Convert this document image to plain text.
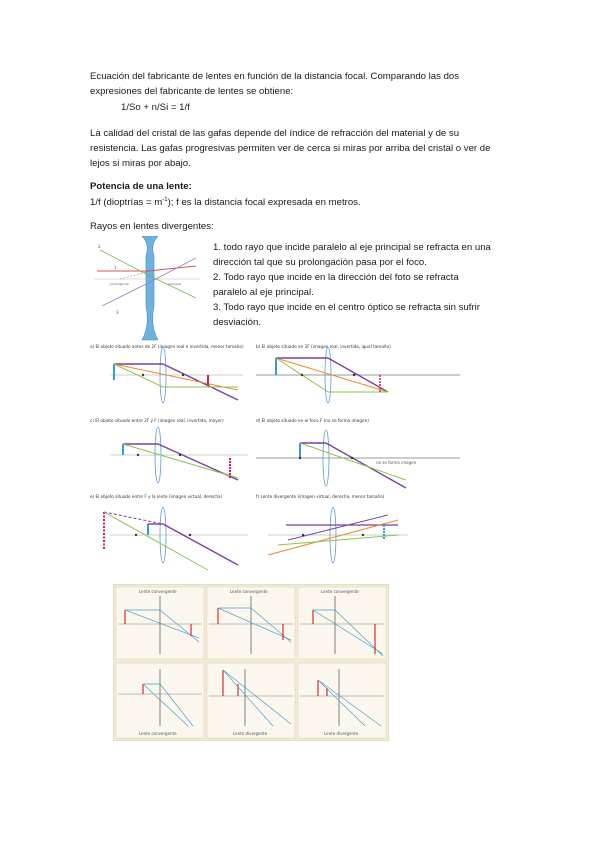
Ecuación del fabricante de lentes en función de la distancia focal. Comparando las dos
expresiones del fabricante de lentes se obtiene:
1/So + n/Si = 1/f
La calidad del cristal de las gafas depende del índice de refracción del material y de su
resistencia. Las gafas progresivas permiten ver de cerca si miras por arriba del cristal o ver de
lejos si miras por abajo.
Potencia de una lente:
1/f (dioptrías = $m^{-1}$); f es la distancia focal expresada en metros.
Rayos en lentes divergentes:
2
1
3
prolongación	principal
1. todo rayo que incide paralelo al eje principal se refracta en una
dirección tal que su prolongación pasa por el foco.
2. Todo rayo que incide en la dirección del foto se refracta
paralelo al eje principal.
3. Todo rayo que incide en el centro óptico se refracta sin sufrir
desviación.
a) El objeto situado antes de 2F (imagen real e invertida, menor tamaño)	b) El objeto situado en 2F (imagen real, invertida, igual tamaño)
c) El objeto situado entre 2F y F (imagen real, invertida, mayor)	d) El objeto situado en el foco F (no se forma imagen)
no se forma imagen
e) El objeto situado entre F y la lente (imagen virtual, derecha)	f) Lente divergente (imagen virtual, derecha, menor tamaño)
Lente convergente	Lente convergente	Lente convergente
Lente convergente	Lente divergente	Lente divergente
